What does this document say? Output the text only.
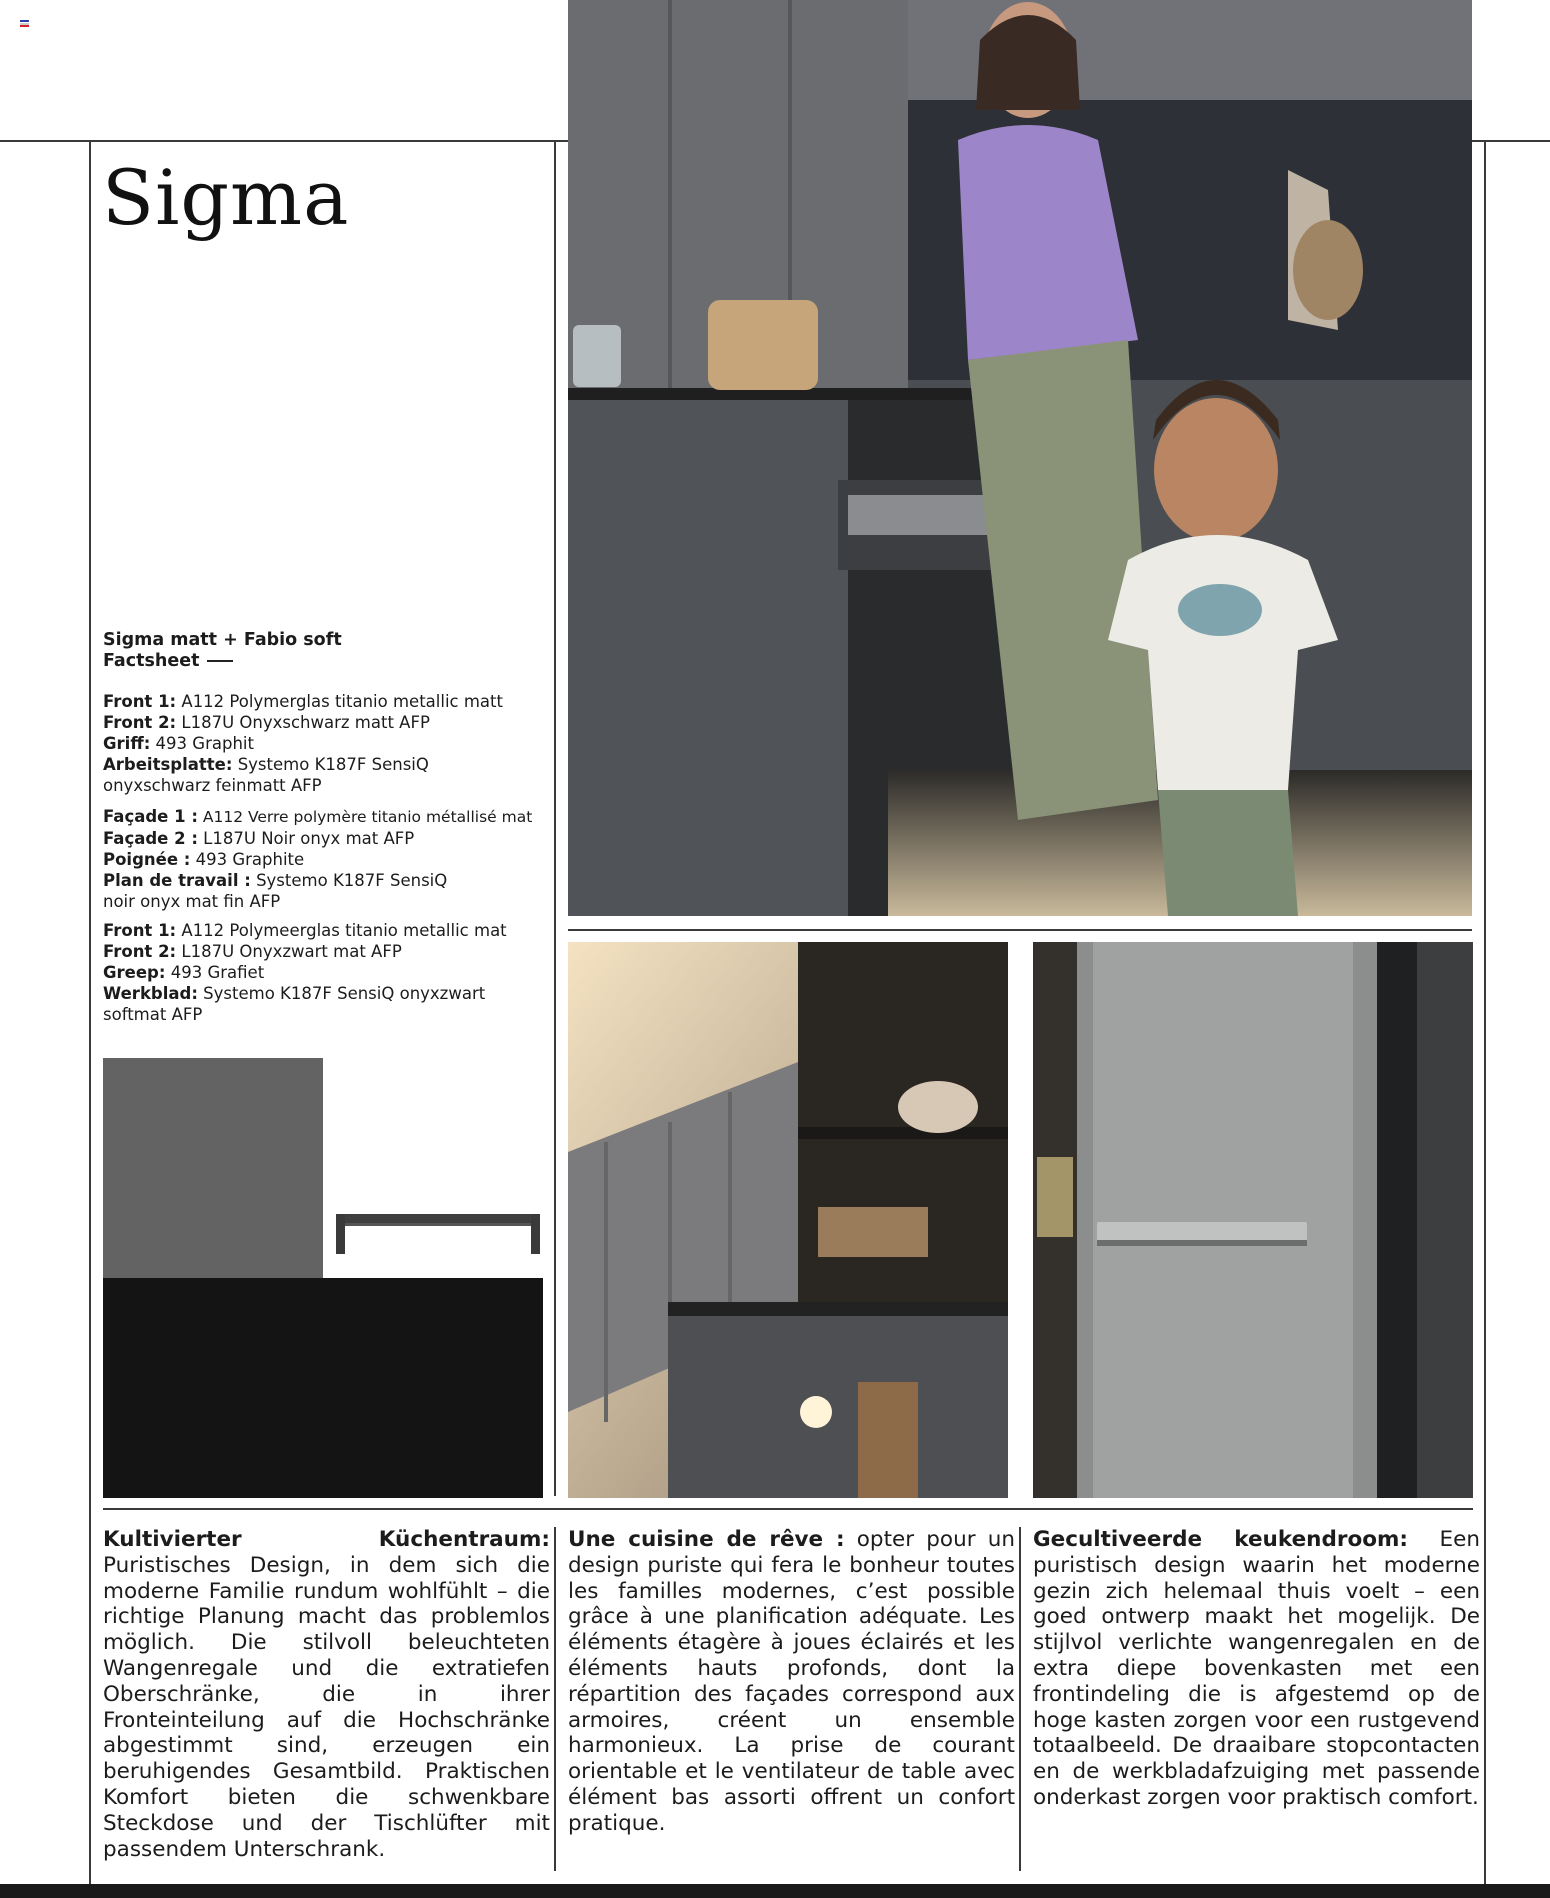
Sigma
Sigma matt + Fabio soft
Factsheet
Front 1: A112 Polymerglas titanio metallic matt
Front 2: L187U Onyxschwarz matt AFP
Griff: 493 Graphit
Arbeitsplatte: Systemo K187F SensiQ
onyxschwarz feinmatt AFP
Façade 1 : A112 Verre polymère titanio métallisé mat
Façade 2 : L187U Noir onyx mat AFP
Poignée : 493 Graphite
Plan de travail : Systemo K187F SensiQ
noir onyx mat fin AFP
Front 1: A112 Polymeerglas titanio metallic mat
Front 2: L187U Onyxzwart mat AFP
Greep: 493 Grafiet
Werkblad: Systemo K187F SensiQ onyxzwart
softmat AFP
Kultivierter Küchentraum: Puristisches Design, in dem sich die moderne Familie rundum wohlfühlt – die richtige Planung macht das problemlos möglich. Die stilvoll beleuchteten Wangenregale und die extratiefen Oberschränke, die in ihrer Fronteinteilung auf die Hochschränke abgestimmt sind, erzeugen ein beruhigendes Gesamtbild. Praktischen Komfort bieten die schwenkbare Steckdose und der Tischlüfter mit passendem Unterschrank.
Une cuisine de rêve : opter pour un design puriste qui fera le bonheur toutes les familles modernes, c’est possible grâce à une planification adéquate. Les éléments étagère à joues éclairés et les éléments hauts profonds, dont la répartition des façades correspond aux armoires, créent un ensemble harmonieux. La prise de courant orientable et le ventilateur de table avec élément bas assorti offrent un confort pratique.
Gecultiveerde keukendroom: Een puristisch design waarin het moderne gezin zich helemaal thuis voelt – een goed ontwerp maakt het mogelijk. De stijlvol verlichte wangenregalen en de extra diepe bovenkasten met een frontindeling die is afgestemd op de hoge kasten zorgen voor een rustgevend totaalbeeld. De draaibare stopcontacten en de werkbladafzuiging met passende onderkast zorgen voor praktisch comfort.
